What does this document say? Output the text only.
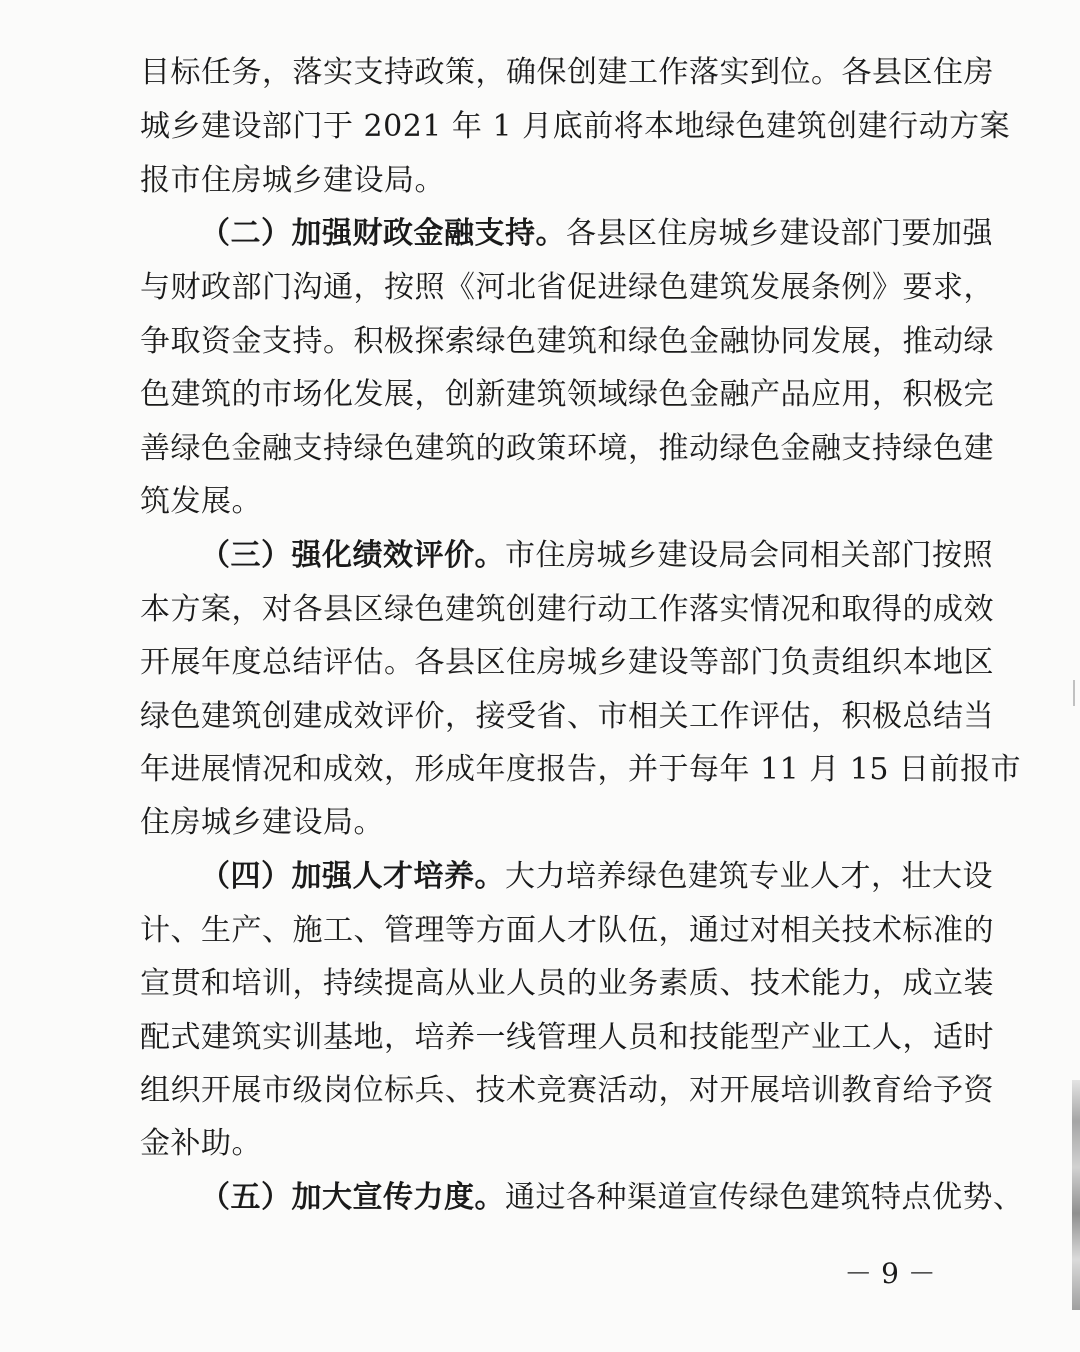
目标任务，落实支持政策，确保创建工作落实到位。各县区住房
城乡建设部门于 2021 年 1 月底前将本地绿色建筑创建行动方案
报市住房城乡建设局。
（二）加强财政金融支持。各县区住房城乡建设部门要加强
与财政部门沟通，按照《河北省促进绿色建筑发展条例》要求，
争取资金支持。积极探索绿色建筑和绿色金融协同发展，推动绿
色建筑的市场化发展，创新建筑领域绿色金融产品应用，积极完
善绿色金融支持绿色建筑的政策环境，推动绿色金融支持绿色建
筑发展。
（三）强化绩效评价。市住房城乡建设局会同相关部门按照
本方案，对各县区绿色建筑创建行动工作落实情况和取得的成效
开展年度总结评估。各县区住房城乡建设等部门负责组织本地区
绿色建筑创建成效评价，接受省、市相关工作评估，积极总结当
年进展情况和成效，形成年度报告，并于每年 11 月 15 日前报市
住房城乡建设局。
（四）加强人才培养。大力培养绿色建筑专业人才，壮大设
计、生产、施工、管理等方面人才队伍，通过对相关技术标准的
宣贯和培训，持续提高从业人员的业务素质、技术能力，成立装
配式建筑实训基地，培养一线管理人员和技能型产业工人，适时
组织开展市级岗位标兵、技术竞赛活动，对开展培训教育给予资
金补助。
（五）加大宣传力度。通过各种渠道宣传绿色建筑特点优势、
－ 9 －
